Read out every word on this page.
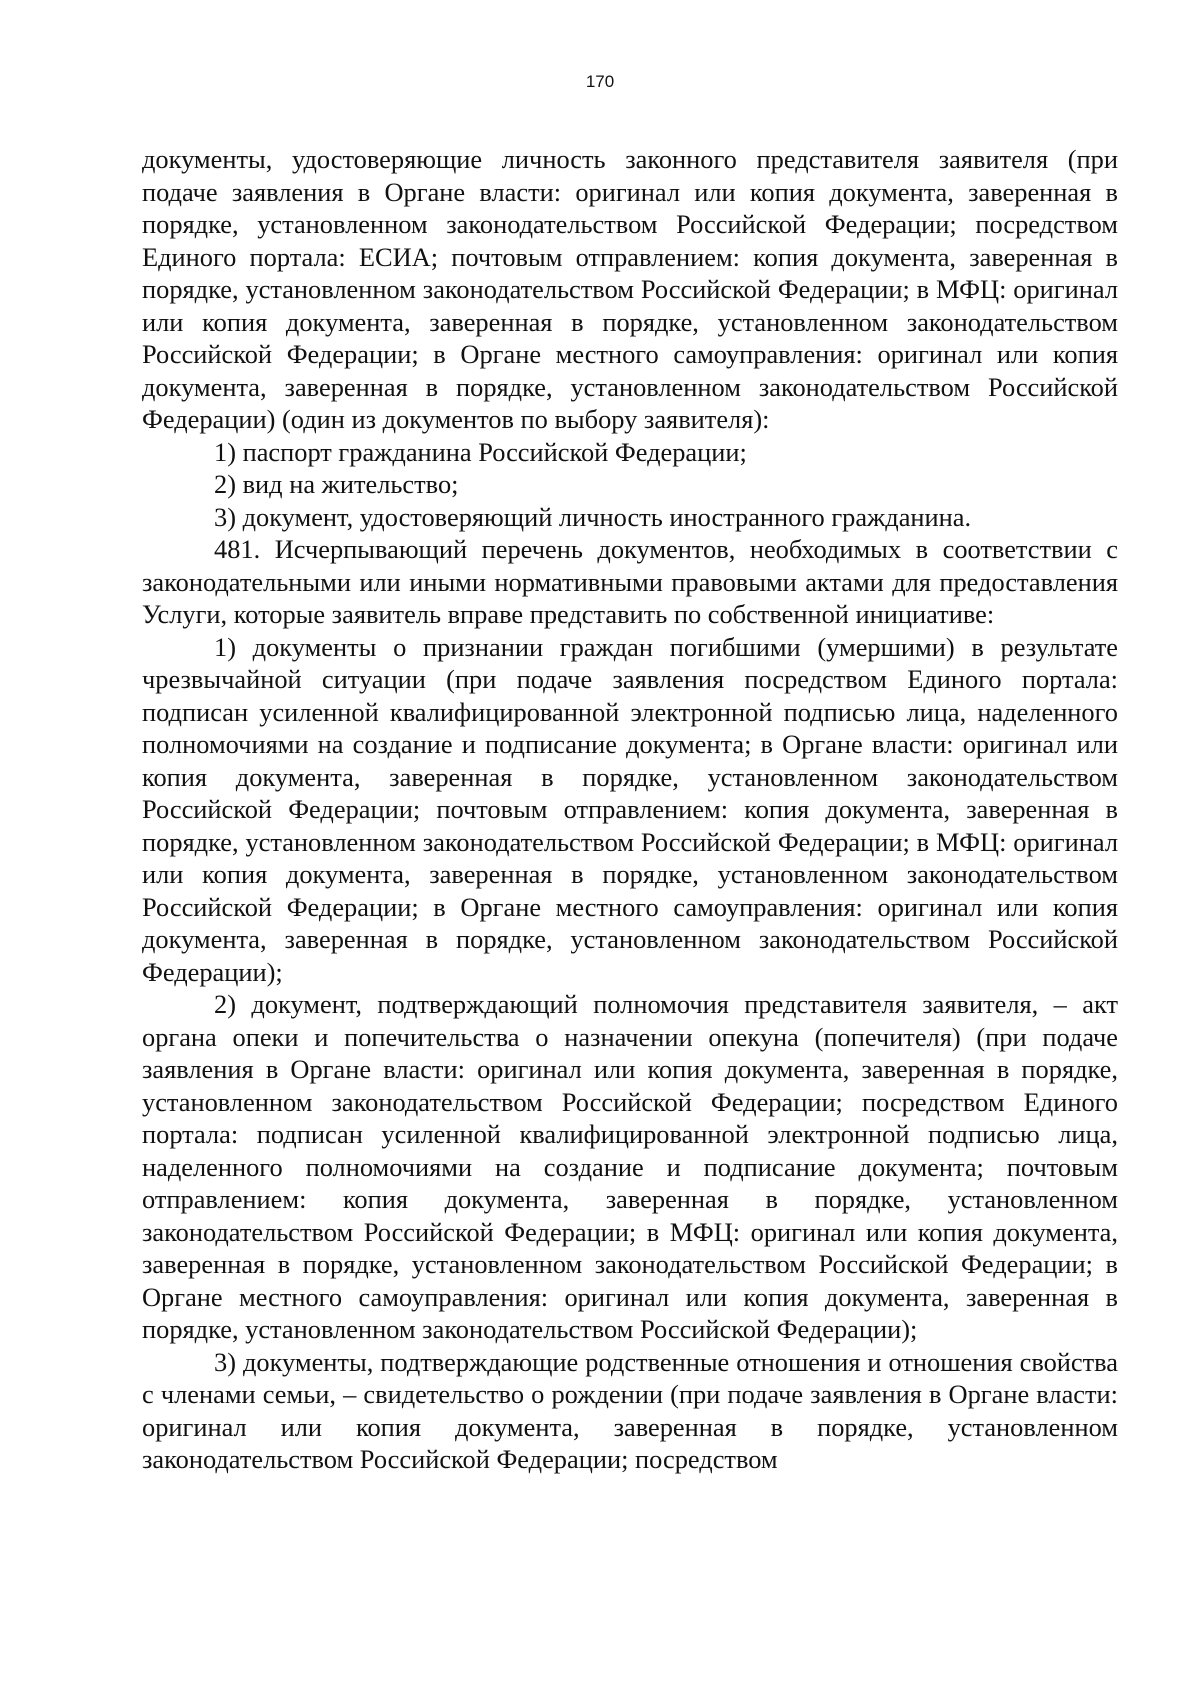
170

документы, удостоверяющие личность законного представителя заявителя (при подаче заявления в Органе власти: оригинал или копия документа, заверенная в порядке, установленном законодательством Российской Федерации; посредством Единого портала: ЕСИА; почтовым отправлением: копия документа, заверенная в порядке, установленном законодательством Российской Федерации; в МФЦ: оригинал или копия документа, заверенная в порядке, установленном законодательством Российской Федерации; в Органе местного самоуправления: оригинал или копия документа, заверенная в порядке, установленном законодательством Российской Федерации) (один из документов по выбору заявителя):

1) паспорт гражданина Российской Федерации;

2) вид на жительство;

3) документ, удостоверяющий личность иностранного гражданина.

481. Исчерпывающий перечень документов, необходимых в соответствии с законодательными или иными нормативными правовыми актами для предоставления Услуги, которые заявитель вправе представить по собственной инициативе:

1) документы о признании граждан погибшими (умершими) в результате чрезвычайной ситуации (при подаче заявления посредством Единого портала: подписан усиленной квалифицированной электронной подписью лица, наделенного полномочиями на создание и подписание документа; в Органе власти: оригинал или копия документа, заверенная в порядке, установленном законодательством Российской Федерации; почтовым отправлением: копия документа, заверенная в порядке, установленном законодательством Российской Федерации; в МФЦ: оригинал или копия документа, заверенная в порядке, установленном законодательством Российской Федерации; в Органе местного самоуправления: оригинал или копия документа, заверенная в порядке, установленном законодательством Российской Федерации);

2) документ, подтверждающий полномочия представителя заявителя, – акт органа опеки и попечительства о назначении опекуна (попечителя) (при подаче заявления в Органе власти: оригинал или копия документа, заверенная в порядке, установленном законодательством Российской Федерации; посредством Единого портала: подписан усиленной квалифицированной электронной подписью лица, наделенного полномочиями на создание и подписание документа; почтовым отправлением: копия документа, заверенная в порядке, установленном законодательством Российской Федерации; в МФЦ: оригинал или копия документа, заверенная в порядке, установленном законодательством Российской Федерации; в Органе местного самоуправления: оригинал или копия документа, заверенная в порядке, установленном законодательством Российской Федерации);

3) документы, подтверждающие родственные отношения и отношения свойства с членами семьи, – свидетельство о рождении (при подаче заявления в Органе власти: оригинал или копия документа, заверенная в порядке, установленном законодательством Российской Федерации; посредством
